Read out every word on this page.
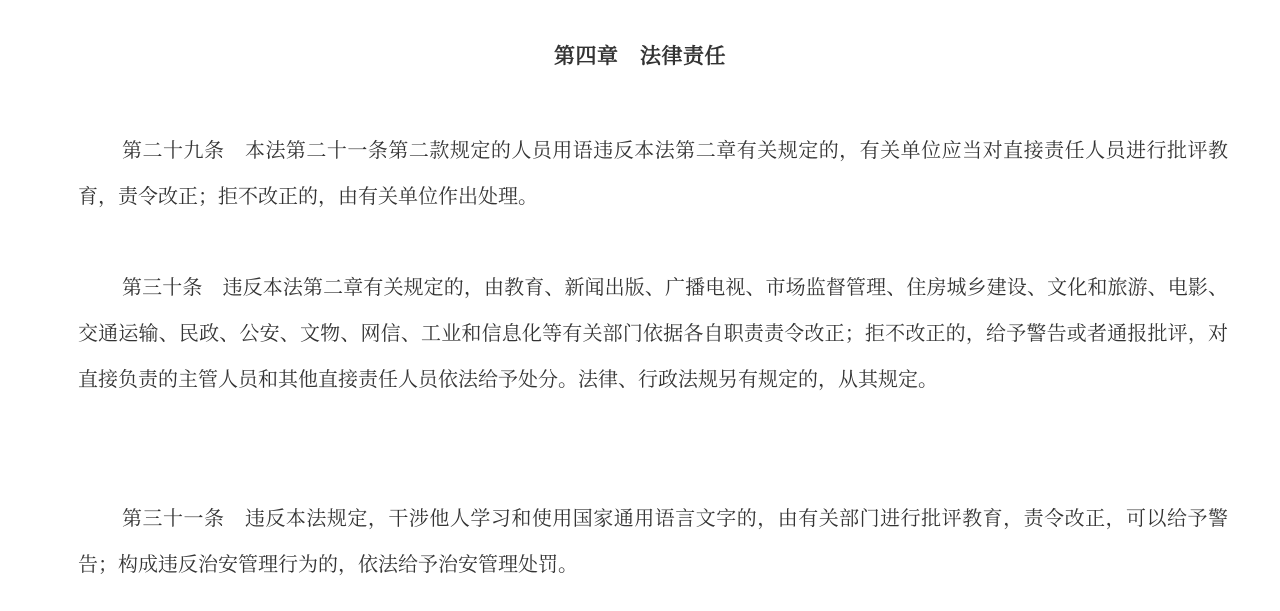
第四章　法律责任

第二十九条　本法第二十一条第二款规定的人员用语违反本法第二章有关规定的，有关单位应当对直接责任人员进行批评教育，责令改正；拒不改正的，由有关单位作出处理。

第三十条　违反本法第二章有关规定的，由教育、新闻出版、广播电视、市场监督管理、住房城乡建设、文化和旅游、电影、交通运输、民政、公安、文物、网信、工业和信息化等有关部门依据各自职责责令改正；拒不改正的，给予警告或者通报批评，对直接负责的主管人员和其他直接责任人员依法给予处分。法律、行政法规另有规定的，从其规定。

第三十一条　违反本法规定，干涉他人学习和使用国家通用语言文字的，由有关部门进行批评教育，责令改正，可以给予警告；构成违反治安管理行为的，依法给予治安管理处罚。
